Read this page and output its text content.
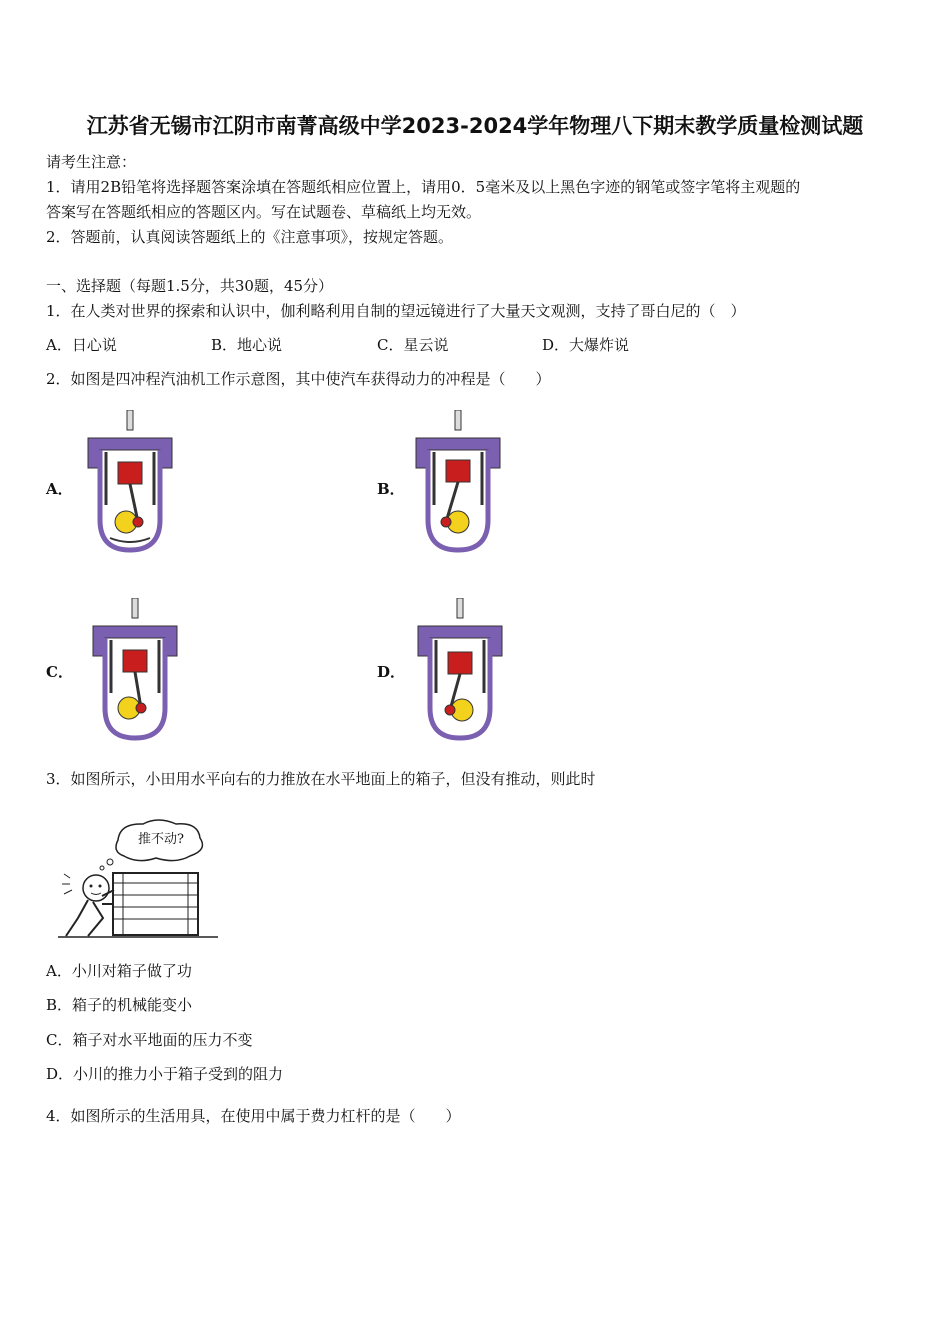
江苏省无锡市江阴市南菁高级中学2023-2024学年物理八下期末教学质量检测试题
请考生注意：
1．请用2B铅笔将选择题答案涂填在答题纸相应位置上，请用0．5毫米及以上黑色字迹的钢笔或签字笔将主观题的
答案写在答题纸相应的答题区内。写在试题卷、草稿纸上均无效。
2．答题前，认真阅读答题纸上的《注意事项》，按规定答题。
一、选择题（每题1.5分，共30题，45分）
1．在人类对世界的探索和认识中，伽利略利用自制的望远镜进行了大量天文观测，支持了哥白尼的（　）
A．日心说	B．地心说	C．星云说	D．大爆炸说
2．如图是四冲程汽油机工作示意图，其中使汽车获得动力的冲程是（　　）
A．	B．
C．	D．
3．如图所示，小田用水平向右的力推放在水平地面上的箱子，但没有推动，则此时
推不动?
A．小川对箱子做了功
B．箱子的机械能变小
C．箱子对水平地面的压力不变
D．小川的推力小于箱子受到的阻力
4．如图所示的生活用具，在使用中属于费力杠杆的是（　　）
